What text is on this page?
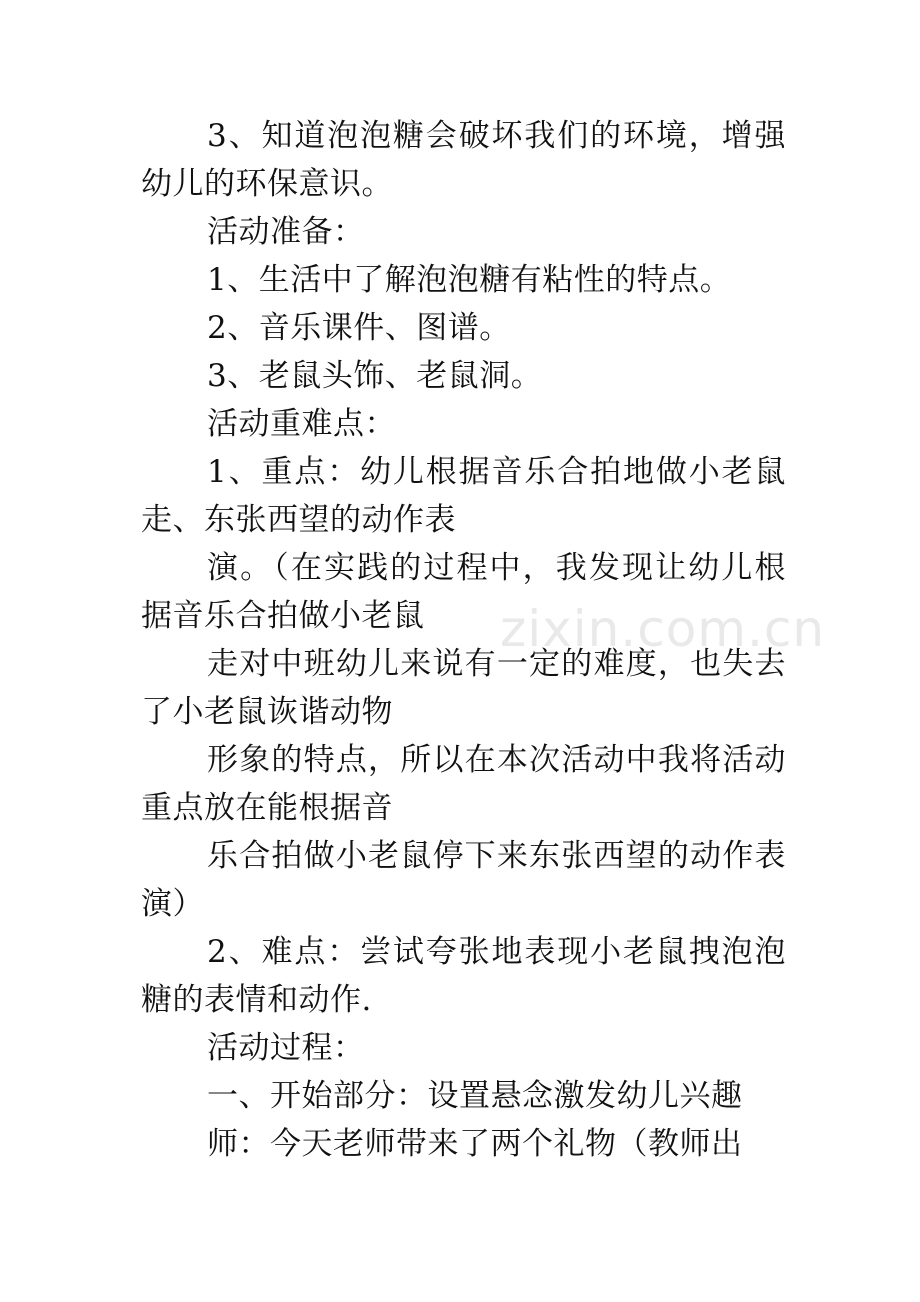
zixin.com.cn

3、知道泡泡糖会破坏我们的环境，增强幼儿的环保意识。

活动准备：

1、生活中了解泡泡糖有粘性的特点。

2、音乐课件、图谱。

3、老鼠头饰、老鼠洞。

活动重难点：

1、重点：幼儿根据音乐合拍地做小老鼠走、东张西望的动作表

演。（在实践的过程中，我发现让幼儿根据音乐合拍做小老鼠

走对中班幼儿来说有一定的难度，也失去了小老鼠诙谐动物

形象的特点，所以在本次活动中我将活动重点放在能根据音

乐合拍做小老鼠停下来东张西望的动作表演）

2、难点：尝试夸张地表现小老鼠拽泡泡糖的表情和动作.

活动过程：

一、开始部分：设置悬念激发幼儿兴趣

师：今天老师带来了两个礼物（教师出
